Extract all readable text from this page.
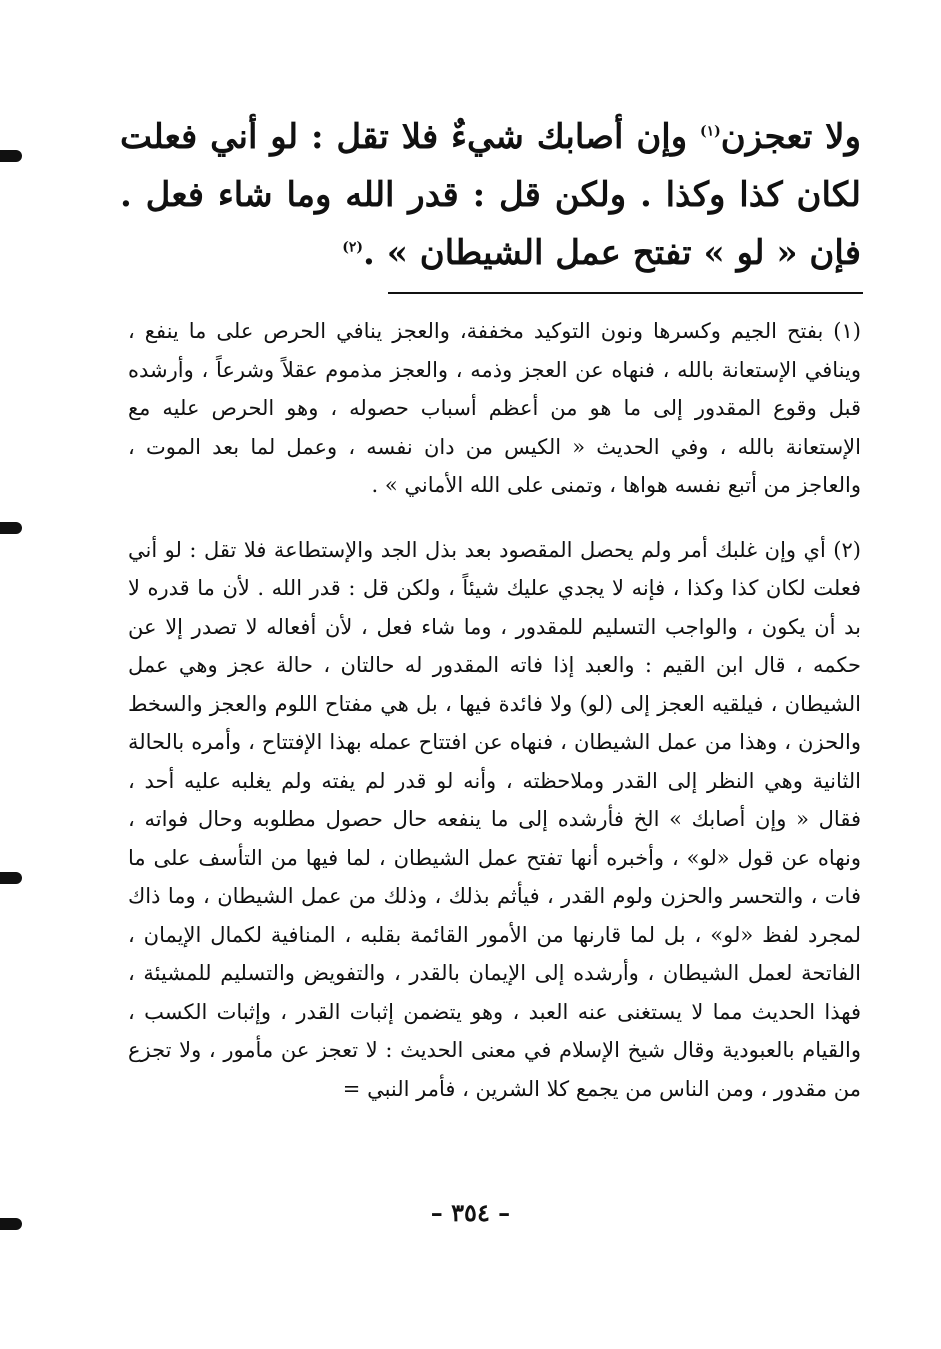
ولا تعجزن$^{(١)}$ وإن أصابك شيءٌ فلا تقل : لو أني فعلت لكان كذا وكذا . ولكن قل : قدر الله وما شاء فعل . فإن « لو » تفتح عمل الشيطان » .$^{(٢)}$

(١) بفتح الجيم وكسرها ونون التوكيد مخففة، والعجز ينافي الحرص على ما ينفع ، وينافي الإستعانة بالله ، فنهاه عن العجز وذمه ، والعجز مذموم عقلاً وشرعاً ، وأرشده قبل وقوع المقدور إلى ما هو من أعظم أسباب حصوله ، وهو الحرص عليه مع الإستعانة بالله ، وفي الحديث « الكيس من دان نفسه ، وعمل لما بعد الموت ، والعاجز من أتبع نفسه هواها ، وتمنى على الله الأماني » .

(٢) أي وإن غلبك أمر ولم يحصل المقصود بعد بذل الجد والإستطاعة فلا تقل : لو أني فعلت لكان كذا وكذا ، فإنه لا يجدي عليك شيئاً ، ولكن قل : قدر الله . لأن ما قدره لا بد أن يكون ، والواجب التسليم للمقدور ، وما شاء فعل ، لأن أفعاله لا تصدر إلا عن حكمه ، قال ابن القيم : والعبد إذا فاته المقدور له حالتان ، حالة عجز وهي عمل الشيطان ، فيلقيه العجز إلى (لو) ولا فائدة فيها ، بل هي مفتاح اللوم والعجز والسخط والحزن ، وهذا من عمل الشيطان ، فنهاه عن افتتاح عمله بهذا الإفتتاح ، وأمره بالحالة الثانية وهي النظر إلى القدر وملاحظته ، وأنه لو قدر لم يفته ولم يغلبه عليه أحد ، فقال « وإن أصابك » الخ فأرشده إلى ما ينفعه حال حصول مطلوبه وحال فواته ، ونهاه عن قول «لو» ، وأخبره أنها تفتح عمل الشيطان ، لما فيها من التأسف على ما فات ، والتحسر والحزن ولوم القدر ، فيأثم بذلك ، وذلك من عمل الشيطان ، وما ذاك لمجرد لفظ «لو» ، بل لما قارنها من الأمور القائمة بقلبه ، المنافية لكمال الإيمان ، الفاتحة لعمل الشيطان ، وأرشده إلى الإيمان بالقدر ، والتفويض والتسليم للمشيئة ، فهذا الحديث مما لا يستغنى عنه العبد ، وهو يتضمن إثبات القدر ، وإثبات الكسب ، والقيام بالعبودية وقال شيخ الإسلام في معنى الحديث : لا تعجز عن مأمور ، ولا تجزع من مقدور ، ومن الناس من يجمع كلا الشرين ، فأمر النبي =

– ٣٥٤ –
